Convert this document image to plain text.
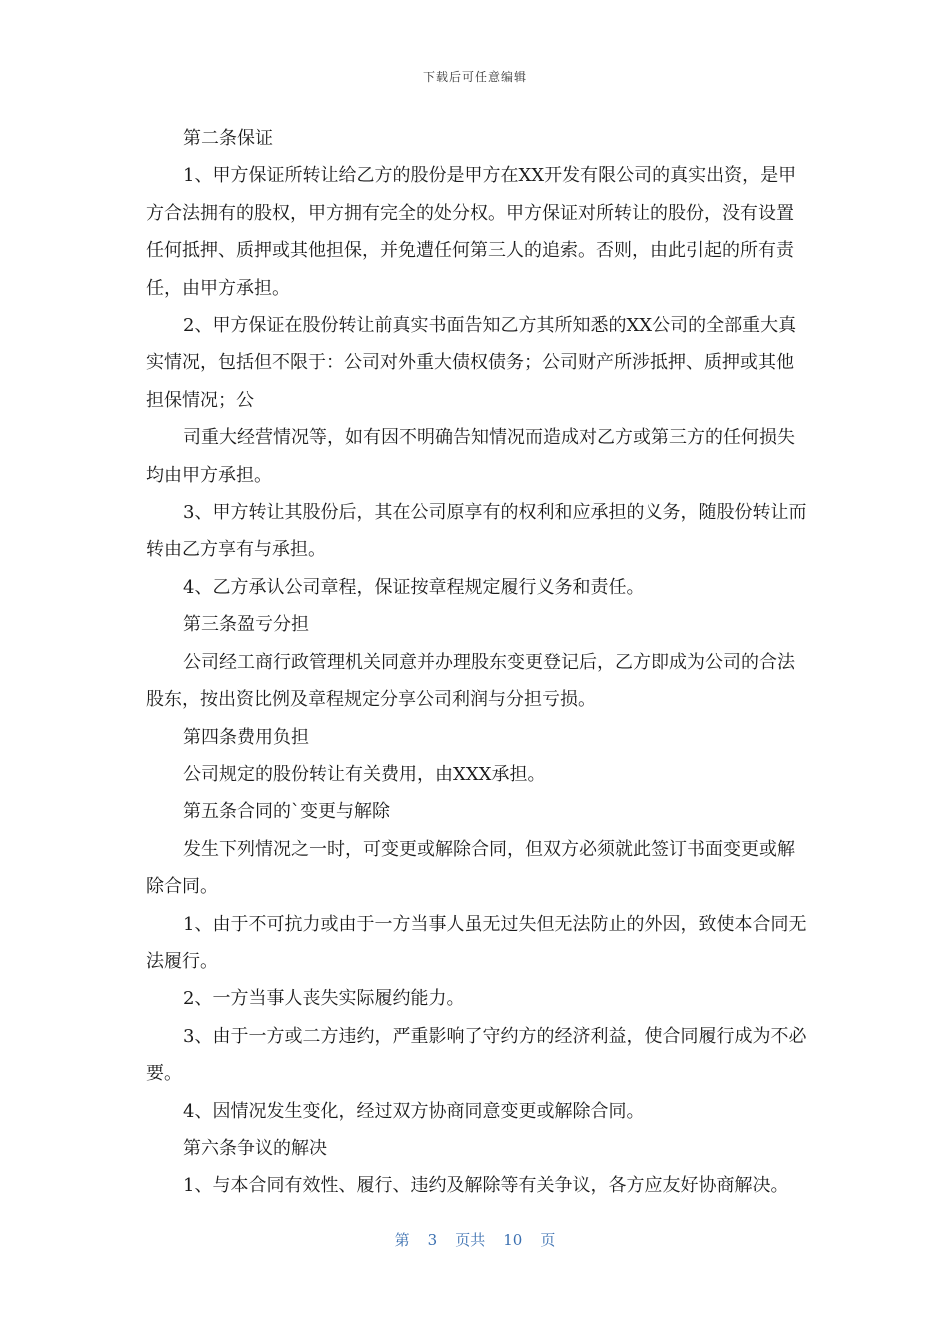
下载后可任意编辑

第二条保证

1、甲方保证所转让给乙方的股份是甲方在XX开发有限公司的真实出资，是甲方合法拥有的股权，甲方拥有完全的处分权。甲方保证对所转让的股份，没有设置任何抵押、质押或其他担保，并免遭任何第三人的追索。否则，由此引起的所有责任，由甲方承担。

2、甲方保证在股份转让前真实书面告知乙方其所知悉的XX公司的全部重大真实情况，包括但不限于：公司对外重大债权债务；公司财产所涉抵押、质押或其他担保情况；公

司重大经营情况等，如有因不明确告知情况而造成对乙方或第三方的任何损失均由甲方承担。

3、甲方转让其股份后，其在公司原享有的权利和应承担的义务，随股份转让而转由乙方享有与承担。

4、乙方承认公司章程，保证按章程规定履行义务和责任。

第三条盈亏分担

公司经工商行政管理机关同意并办理股东变更登记后，乙方即成为公司的合法股东，按出资比例及章程规定分享公司利润与分担亏损。

第四条费用负担

公司规定的股份转让有关费用，由XXX承担。

第五条合同的`变更与解除

发生下列情况之一时，可变更或解除合同，但双方必须就此签订书面变更或解除合同。

1、由于不可抗力或由于一方当事人虽无过失但无法防止的外因，致使本合同无法履行。

2、一方当事人丧失实际履约能力。

3、由于一方或二方违约，严重影响了守约方的经济利益，使合同履行成为不必要。

4、因情况发生变化，经过双方协商同意变更或解除合同。

第六条争议的解决

1、与本合同有效性、履行、违约及解除等有关争议，各方应友好协商解决。

第 3 页共 10 页
